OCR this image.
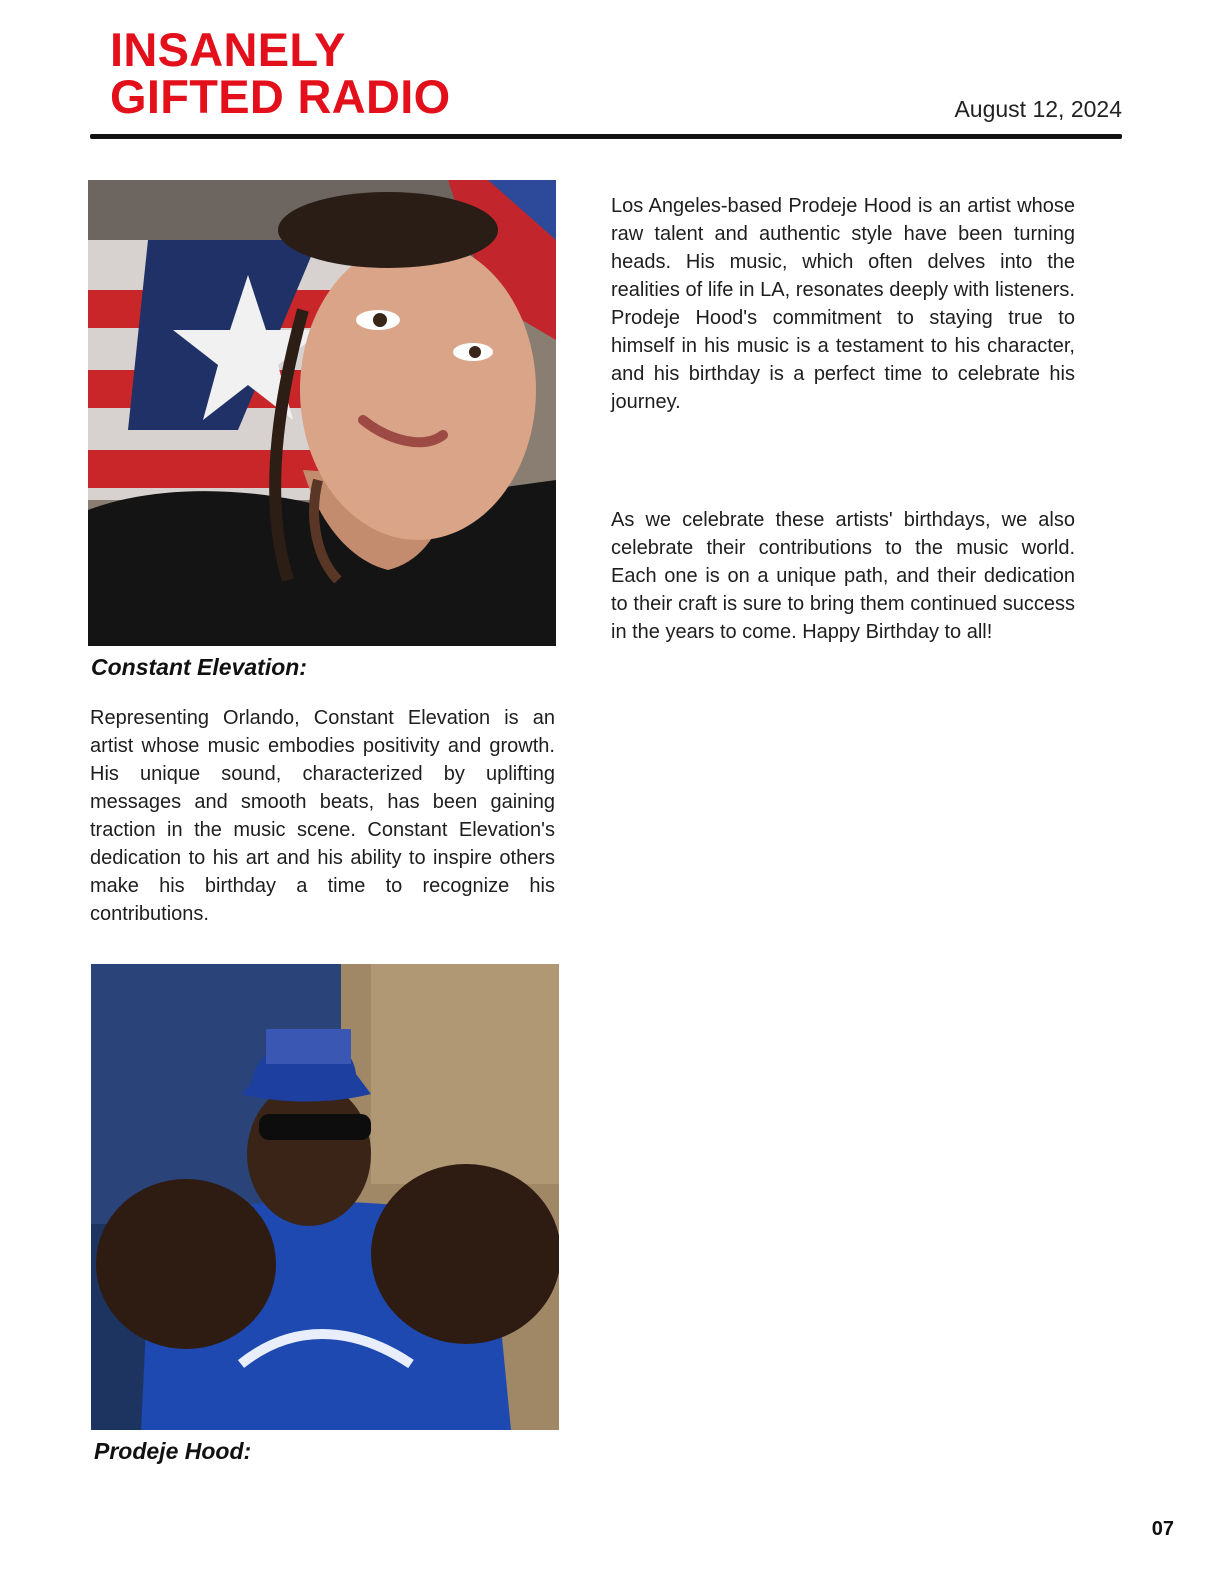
INSANELY
GIFTED RADIO	August 12, 2024
Constant Elevation:

Representing Orlando, Constant Elevation is an artist whose music embodies positivity and growth. His unique sound, characterized by uplifting messages and smooth beats, has been gaining traction in the music scene. Constant Elevation's dedication to his art and his ability to inspire others make his birthday a time to recognize his contributions.

Prodeje Hood:

Los Angeles-based Prodeje Hood is an artist whose raw talent and authentic style have been turning heads. His music, which often delves into the realities of life in LA, resonates deeply with listeners. Prodeje Hood's commitment to staying true to himself in his music is a testament to his character, and his birthday is a perfect time to celebrate his journey.

As we celebrate these artists' birthdays, we also celebrate their contributions to the music world. Each one is on a unique path, and their dedication to their craft is sure to bring them continued success in the years to come. Happy Birthday to all!

07
